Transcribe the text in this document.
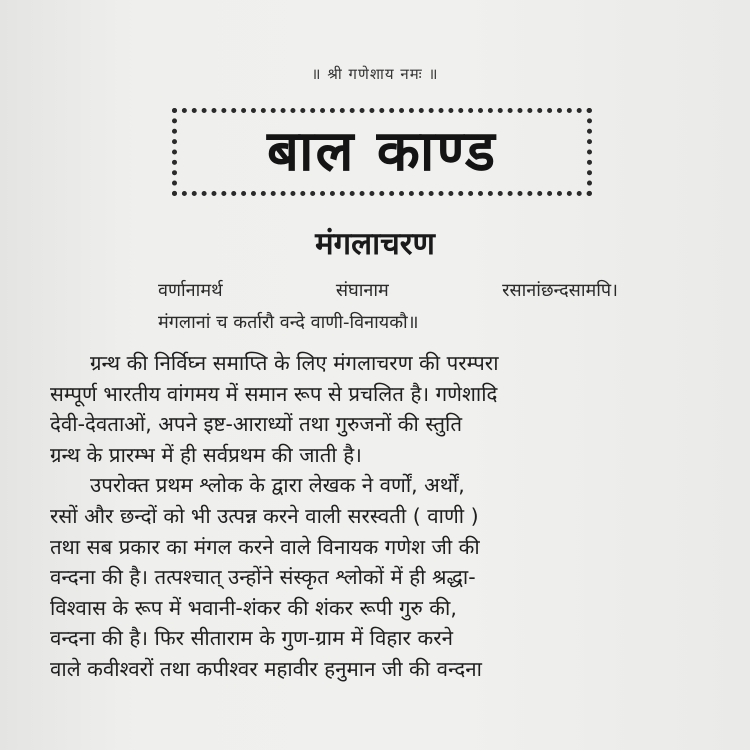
॥ श्री गणेशाय नमः ॥
बाल काण्ड
मंगलाचरण
वर्णानामर्थ	संघानाम	रसानांछन्दसामपि।
मंगलानां च कर्तारौ वन्दे वाणी-विनायकौ॥
ग्रन्थ की निर्विघ्न समाप्ति के लिए मंगलाचरण की परम्परा
सम्पूर्ण भारतीय वांगमय में समान रूप से प्रचलित है। गणेशादि
देवी-देवताओं, अपने इष्ट-आराध्यों तथा गुरुजनों की स्तुति
ग्रन्थ के प्रारम्भ में ही सर्वप्रथम की जाती है।
उपरोक्त प्रथम श्लोक के द्वारा लेखक ने वर्णों, अर्थों,
रसों और छन्दों को भी उत्पन्न करने वाली सरस्वती ( वाणी )
तथा सब प्रकार का मंगल करने वाले विनायक गणेश जी की
वन्दना की है। तत्पश्चात् उन्होंने संस्कृत श्लोकों में ही श्रद्धा-
विश्वास के रूप में भवानी-शंकर की शंकर रूपी गुरु की,
वन्दना की है। फिर सीताराम के गुण-ग्राम में विहार करने
वाले कवीश्वरों तथा कपीश्वर महावीर हनुमान जी की वन्दना
